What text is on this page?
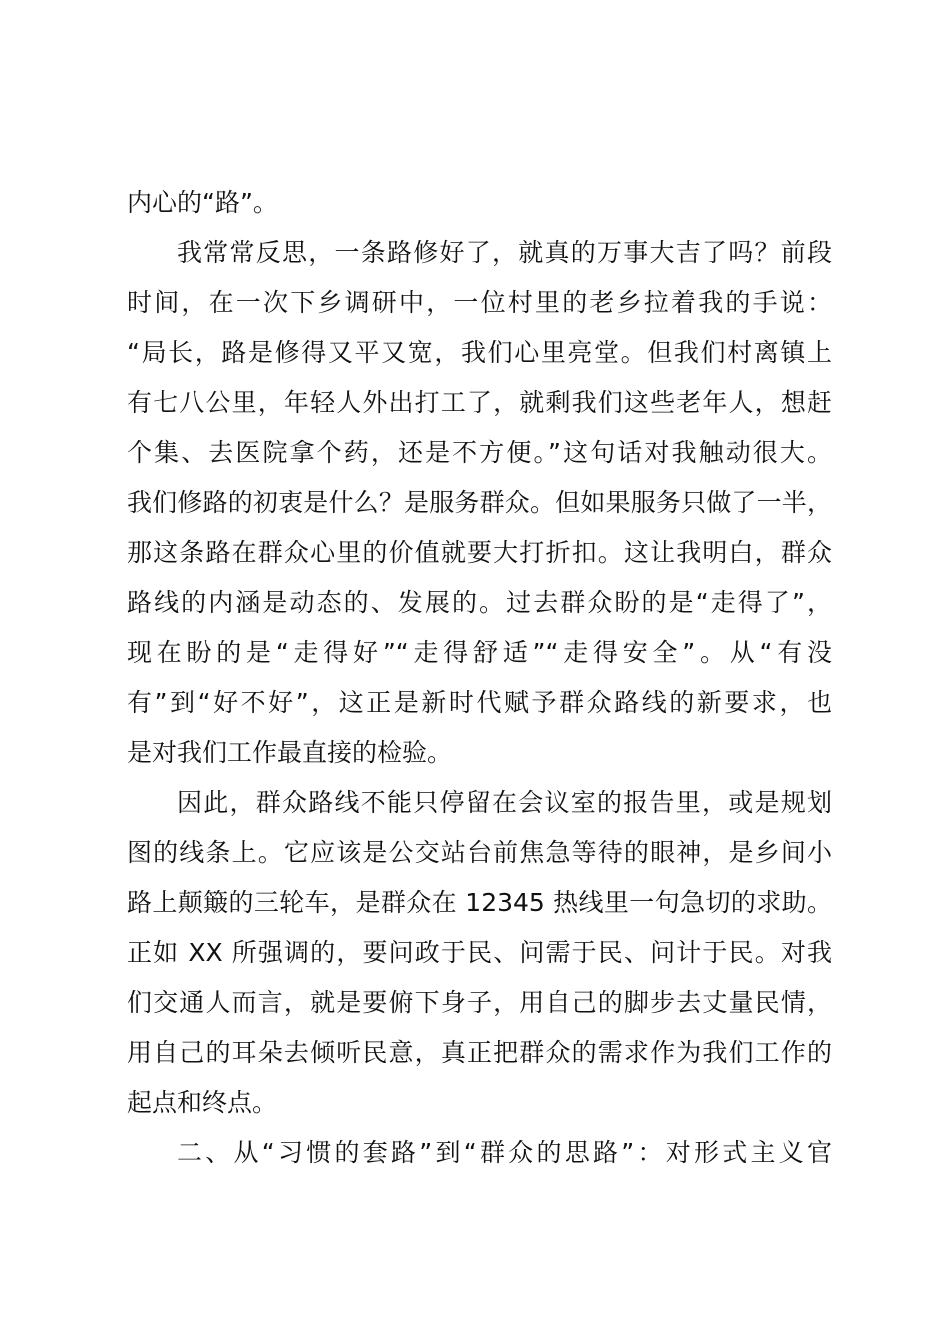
内心的“路”。
我常常反思，一条路修好了，就真的万事大吉了吗？前段
时间，在一次下乡调研中，一位村里的老乡拉着我的手说：
“局长，路是修得又平又宽，我们心里亮堂。但我们村离镇上
有七八公里，年轻人外出打工了，就剩我们这些老年人，想赶
个集、去医院拿个药，还是不方便。”这句话对我触动很大。
我们修路的初衷是什么？是服务群众。但如果服务只做了一半，
那这条路在群众心里的价值就要大打折扣。这让我明白，群众
路线的内涵是动态的、发展的。过去群众盼的是“走得了”，
现在盼的是“走得好”“走得舒适”“走得安全”。从“有没
有”到“好不好”，这正是新时代赋予群众路线的新要求，也
是对我们工作最直接的检验。
因此，群众路线不能只停留在会议室的报告里，或是规划
图的线条上。它应该是公交站台前焦急等待的眼神，是乡间小
路上颠簸的三轮车，是群众在 12345 热线里一句急切的求助。
正如 XX 所强调的，要问政于民、问需于民、问计于民。对我
们交通人而言，就是要俯下身子，用自己的脚步去丈量民情，
用自己的耳朵去倾听民意，真正把群众的需求作为我们工作的
起点和终点。
二、从“习惯的套路”到“群众的思路”：对形式主义官
